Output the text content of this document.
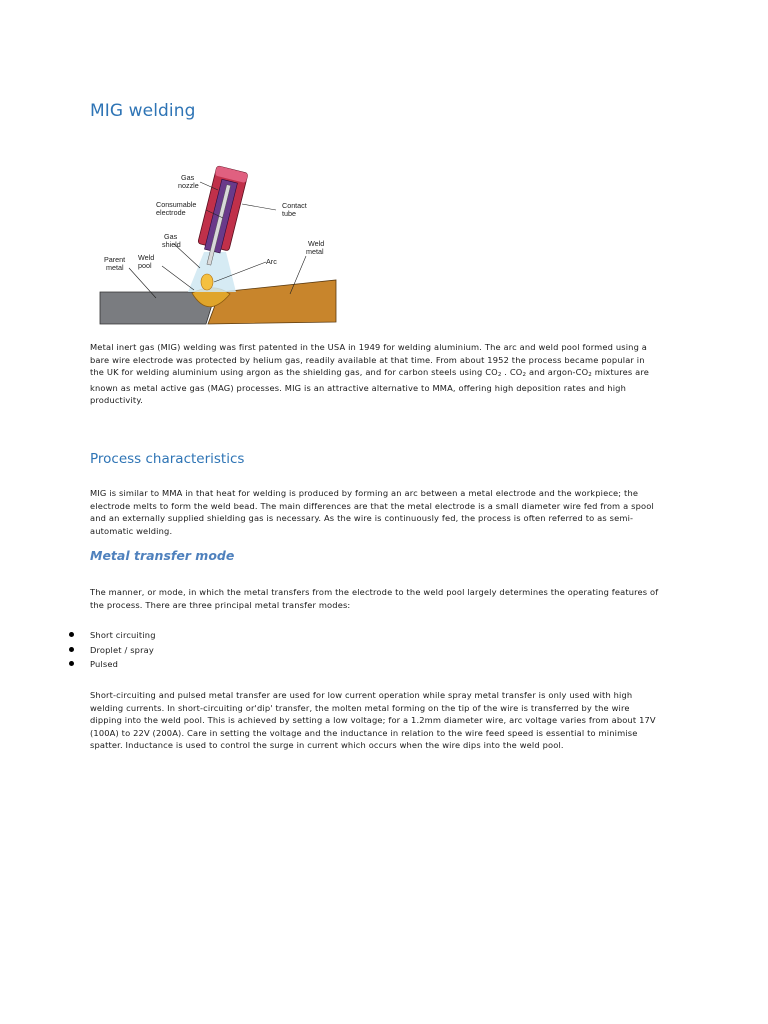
MIG welding
Gas
nozzle
Consumable
electrode
Contact
tube
Gas
shield	Weld
metal
Parent
metal
Weld
pool	Arc
Metal inert gas (MIG) welding was first patented in the USA in 1949 for welding aluminium. The arc and weld pool formed using a
bare wire electrode was protected by helium gas, readily available at that time. From about 1952 the process became popular in
the UK for welding aluminium using argon as the shielding gas, and for carbon steels using $CO_2$ . $CO_2$ and argon-$CO_2$ mixtures are
known as metal active gas (MAG) processes. MIG is an attractive alternative to MMA, offering high deposition rates and high
productivity.
Process characteristics
MIG is similar to MMA in that heat for welding is produced by forming an arc between a metal electrode and the workpiece; the
electrode melts to form the weld bead. The main differences are that the metal electrode is a small diameter wire fed from a spool
and an externally supplied shielding gas is necessary. As the wire is continuously fed, the process is often referred to as semi-
automatic welding.
Metal transfer mode
The manner, or mode, in which the metal transfers from the electrode to the weld pool largely determines the operating features of
the process. There are three principal metal transfer modes:
Short circuiting
Droplet / spray
Pulsed
Short-circuiting and pulsed metal transfer are used for low current operation while spray metal transfer is only used with high
welding currents. In short-circuiting or'dip' transfer, the molten metal forming on the tip of the wire is transferred by the wire
dipping into the weld pool. This is achieved by setting a low voltage; for a 1.2mm diameter wire, arc voltage varies from about 17V
(100A) to 22V (200A). Care in setting the voltage and the inductance in relation to the wire feed speed is essential to minimise
spatter. Inductance is used to control the surge in current which occurs when the wire dips into the weld pool.
